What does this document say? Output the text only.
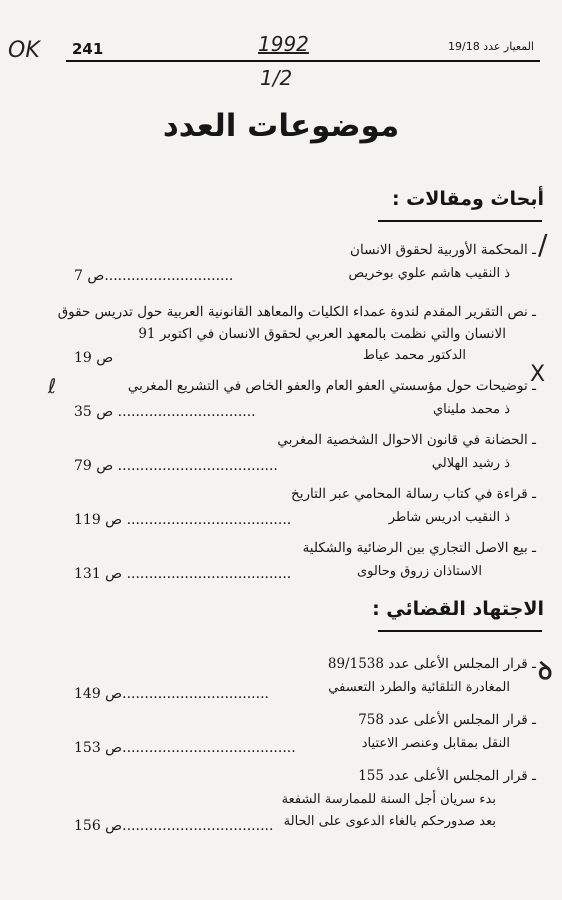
OK 241	1992	المعيار عدد 19/18
1/2
موضوعات العدد
أبحاث ومقالات :
ـ المحكمة الأوربية لحقوق الانسان
ذ النقيب هاشم علوي بوخريص
ص 7.............................
ـ نص التقرير المقدم لندوة عمداء الكليات والمعاهد القانونية العربية حول تدريس حقوق
الانسان والتي نظمت بالمعهد العربي لحقوق الانسان في اكتوبر 91
الدكتور محمد عياط
ص 19
ـ توضيحات حول مؤسستي العفو العام والعفو الخاص في التشريع المغربي
ذ محمد مليناي
ص 35 ...............................
ـ الحضانة في قانون الاحوال الشخصية المغربي
ذ رشيد الهلالي
ص 79 ....................................
ـ قراءة في كتاب رسالة المحامي عبر التاريخ
ذ النقيب ادريس شاطر
ص 119 .....................................
ـ بيع الاصل التجاري بين الرضائية والشكلية
الاستاذان زروق وحالوى
ص 131 .....................................
الاجتهاد القضائي :
ـ قرار المجلس الأعلى عدد 89/1538
المغادرة التلقائية والطرد التعسفي
ص 149.................................
ـ قرار المجلس الأعلى عدد 758
النقل بمقابل وعنصر الاعتياد
ص 153.......................................
ـ قرار المجلس الأعلى عدد 155
بدء سريان أجل السنة للممارسة الشفعة
بعد صدورحكم بالغاء الدعوى على الحالة
ص 156..................................
/
X
ℓ
ꝺ
